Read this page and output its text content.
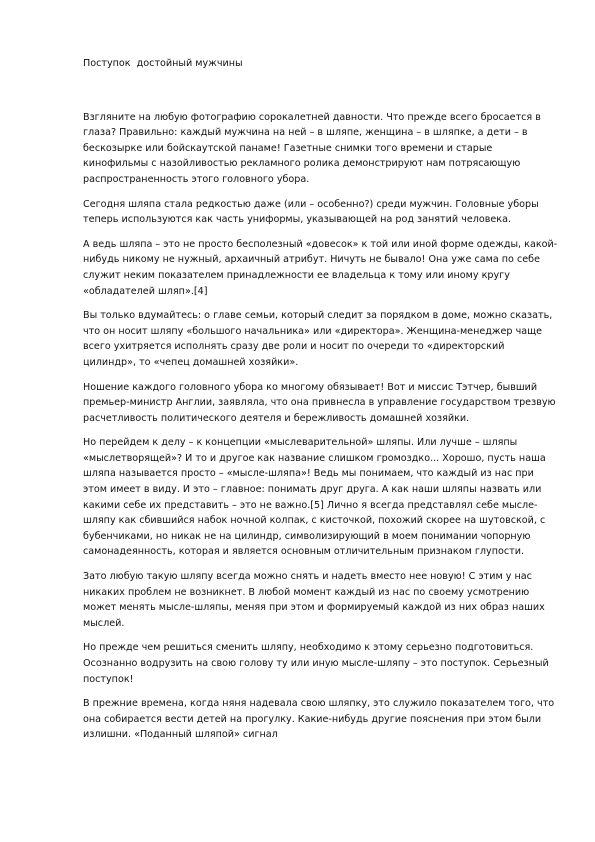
Поступок  достойный мужчины

Взгляните на любую фотографию сорокалетней давности. Что прежде всего бросается в глаза? Правильно: каждый мужчина на ней – в шляпе, женщина – в шляпке, а дети – в бескозырке или бойскаутской панаме! Газетные снимки того времени и старые кинофильмы с назойливостью рекламного ролика демонстрируют нам потрясающую распространенность этого головного убора.

Сегодня шляпа стала редкостью даже (или – особенно?) среди мужчин. Головные уборы теперь используются как часть униформы, указывающей на род занятий человека.

А ведь шляпа – это не просто бесполезный «довесок» к той или иной форме одежды, какой-нибудь никому не нужный, архаичный атрибут. Ничуть не бывало! Она уже сама по себе служит неким показателем принадлежности ее владельца к тому или иному кругу «обладателей шляп».[4]

Вы только вдумайтесь: о главе семьи, который следит за порядком в доме, можно сказать, что он носит шляпу «большого начальника» или «директора». Женщина-менеджер чаще всего ухитряется исполнять сразу две роли и носит по очереди то «директорский цилиндр», то «чепец домашней хозяйки».

Ношение каждого головного убора ко многому обязывает! Вот и миссис Тэтчер, бывший премьер-министр Англии, заявляла, что она привнесла в управление государством трезвую расчетливость политического деятеля и бережливость домашней хозяйки.

Но перейдем к делу – к концепции «мыслеварительной» шляпы. Или лучше – шляпы «мыслетворящей»? И то и другое как название слишком громоздко... Хорошо, пусть наша шляпа называется просто – «мысле-шляпа»! Ведь мы понимаем, что каждый из нас при этом имеет в виду. И это – главное: понимать друг друга. А как наши шляпы назвать или какими себе их представить – это не важно.[5] Лично я всегда представлял себе мысле-шляпу как сбившийся набок ночной колпак, с кисточкой, похожий скорее на шутовской, с бубенчиками, но никак не на цилиндр, символизирующий в моем понимании чопорную самонадеянность, которая и является основным отличительным признаком глупости.

Зато любую такую шляпу всегда можно снять и надеть вместо нее новую! С этим у нас никаких проблем не возникнет. В любой момент каждый из нас по своему усмотрению может менять мысле-шляпы, меняя при этом и формируемый каждой из них образ наших мыслей.

Но прежде чем решиться сменить шляпу, необходимо к этому серьезно подготовиться. Осознанно водрузить на свою голову ту или иную мысле-шляпу – это поступок. Серьезный поступок!

В прежние времена, когда няня надевала свою шляпку, это служило показателем того, что она собирается вести детей на прогулку. Какие-нибудь другие пояснения при этом были излишни. «Поданный шляпой» сигнал
